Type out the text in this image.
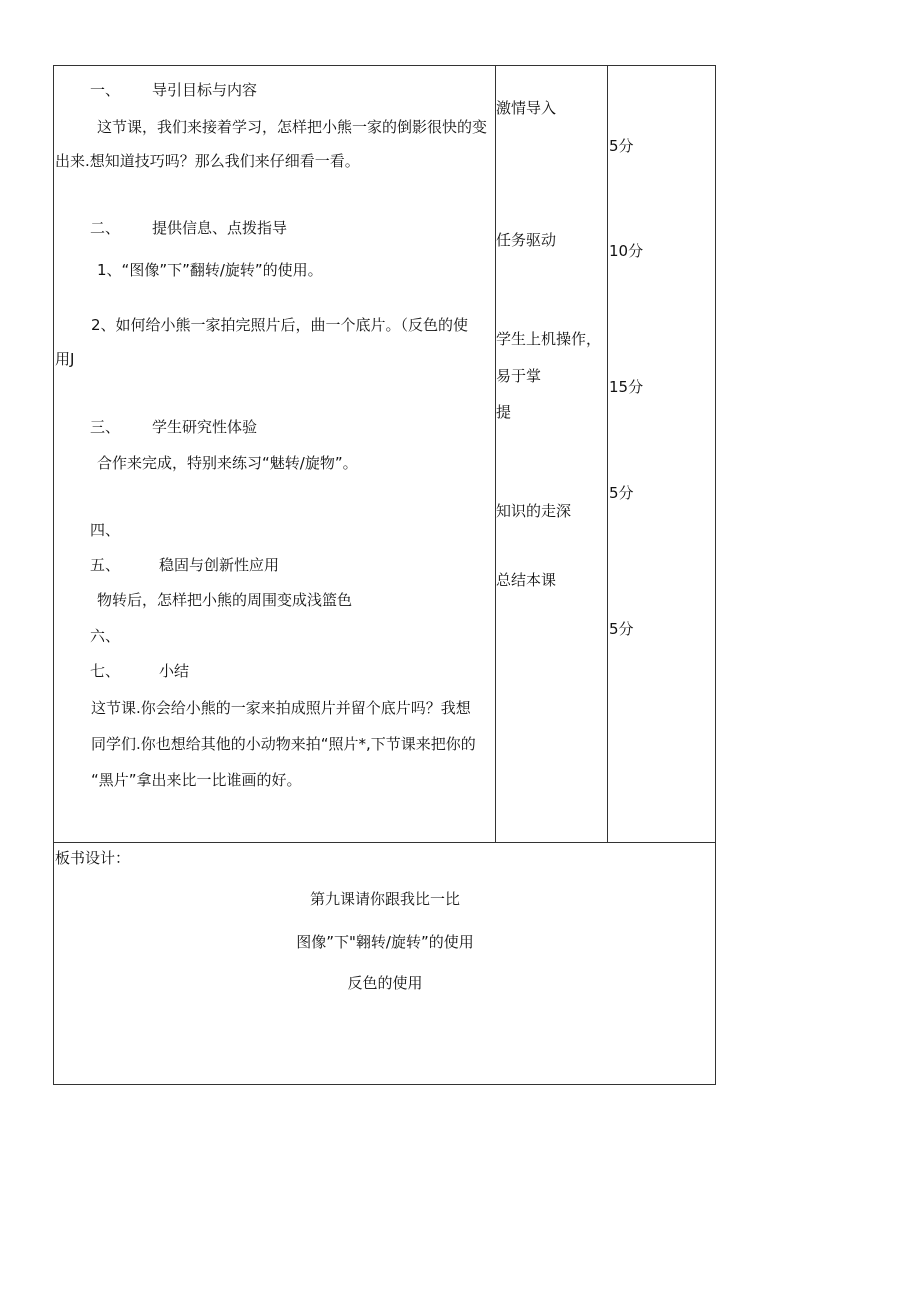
一、 导引目标与内容
这节课，我们来接着学习，怎样把小熊一家的倒影很快的变
出来.想知道技巧吗？那么我们来仔细看一看。
二、 提供信息、点拨指导
1、“图像”下”翻转/旋转”的使用。
2、如何给小熊一家拍完照片后，曲一个底片。（反色的使
用J
三、 学生研究性体验
合作来完成，特别来练习“魅转/旋物”。
四、
五、	稳固与创新性应用
物转后，怎样把小熊的周围变成浅篮色
六、
七、	小结
这节课.你会给小熊的一家来拍成照片并留个底片吗？我想
同学们.你也想给其他的小动物来拍“照片*,下节课来把你的
“黑片”拿出来比一比谁画的好。
激情导入
任务驱动
学生上机操作，
易于掌
提
知识的走深
总结本课
5分
10分
15分
5分
5分
板书设计：
第九课请你跟我比一比
图像”下"翱转/旋转”的使用
反色的使用
